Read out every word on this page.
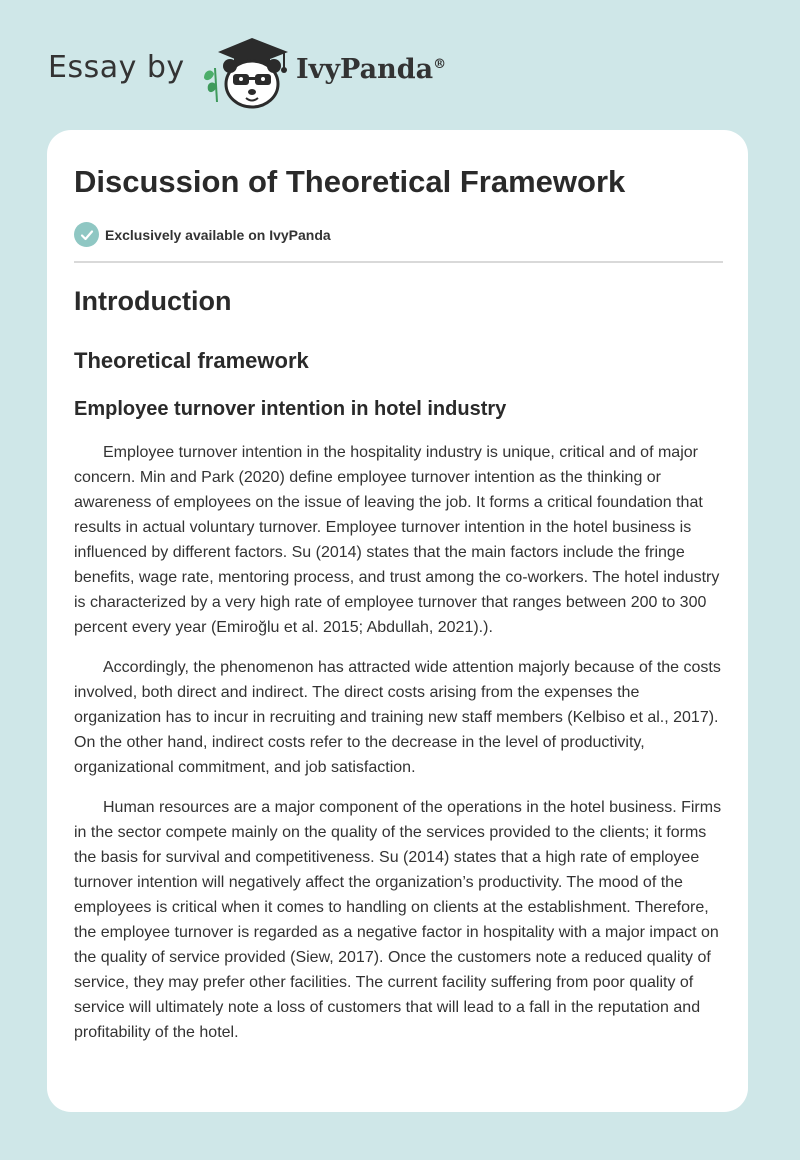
Essay by	IvyPanda®
Discussion of Theoretical Framework
Exclusively available on IvyPanda
Introduction
Theoretical framework
Employee turnover intention in hotel industry

Employee turnover intention in the hospitality industry is unique, critical and of major concern. Min and Park (2020) define employee turnover intention as the thinking or awareness of employees on the issue of leaving the job. It forms a critical foundation that results in actual voluntary turnover. Employee turnover intention in the hotel business is influenced by different factors. Su (2014) states that the main factors include the fringe benefits, wage rate, mentoring process, and trust among the co-workers. The hotel industry is characterized by a very high rate of employee turnover that ranges between 200 to 300 percent every year (Emiroğlu et al. 2015; Abdullah, 2021).).

Accordingly, the phenomenon has attracted wide attention majorly because of the costs involved, both direct and indirect. The direct costs arising from the expenses the organization has to incur in recruiting and training new staff members (Kelbiso et al., 2017). On the other hand, indirect costs refer to the decrease in the level of productivity, organizational commitment, and job satisfaction.

Human resources are a major component of the operations in the hotel business. Firms in the sector compete mainly on the quality of the services provided to the clients; it forms the basis for survival and competitiveness. Su (2014) states that a high rate of employee turnover intention will negatively affect the organization’s productivity. The mood of the employees is critical when it comes to handling on clients at the establishment. Therefore, the employee turnover is regarded as a negative factor in hospitality with a major impact on the quality of service provided (Siew, 2017). Once the customers note a reduced quality of service, they may prefer other facilities. The current facility suffering from poor quality of service will ultimately note a loss of customers that will lead to a fall in the reputation and profitability of the hotel.
